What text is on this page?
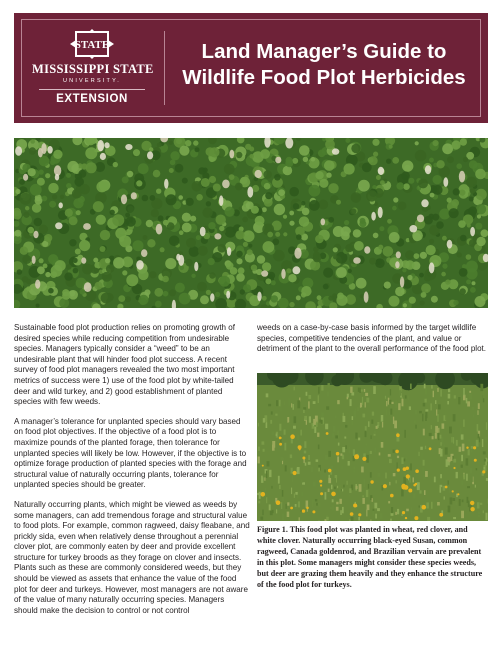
STATE
MISSISSIPPI STATE
UNIVERSITY.
EXTENSION
Land Manager’s Guide to
Wildlife Food Plot Herbicides

Sustainable food plot production relies on promoting growth of desired species while reducing competition from undesirable species. Managers typically consider a “weed” to be an undesirable plant that will hinder food plot success. A recent survey of food plot managers revealed the two most important metrics of success were 1) use of the food plot by white-tailed deer and wild turkey, and 2) good establishment of planted species with few weeds.

A manager’s tolerance for unplanted species should vary based on food plot objectives. If the objective of a food plot is to maximize pounds of the planted forage, then tolerance for unplanted species will likely be low. However, if the objective is to optimize forage production of planted species with the forage and structural value of naturally occurring plants, tolerance for unplanted species should be greater.

Naturally occurring plants, which might be viewed as weeds by some managers, can add tremendous forage and structural value to food plots. For example, common ragweed, daisy fleabane, and prickly sida, even when relatively dense throughout a perennial clover plot, are commonly eaten by deer and provide excellent structure for turkey broods as they forage on clover and insects. Plants such as these are commonly considered weeds, but they should be viewed as assets that enhance the value of the food plot for deer and turkeys. However, most managers are not aware of the value of many naturally occurring species. Managers should make the decision to control or not control

weeds on a case-by-case basis informed by the target wildlife species, competitive tendencies of the plant, and value or detriment of the plant to the overall performance of the food plot.

Figure 1. This food plot was planted in wheat, red clover, and white clover. Naturally occurring black-eyed Susan, common ragweed, Canada goldenrod, and Brazilian vervain are prevalent in this plot. Some managers might consider these species weeds, but deer are grazing them heavily and they enhance the structure of the food plot for turkeys.
